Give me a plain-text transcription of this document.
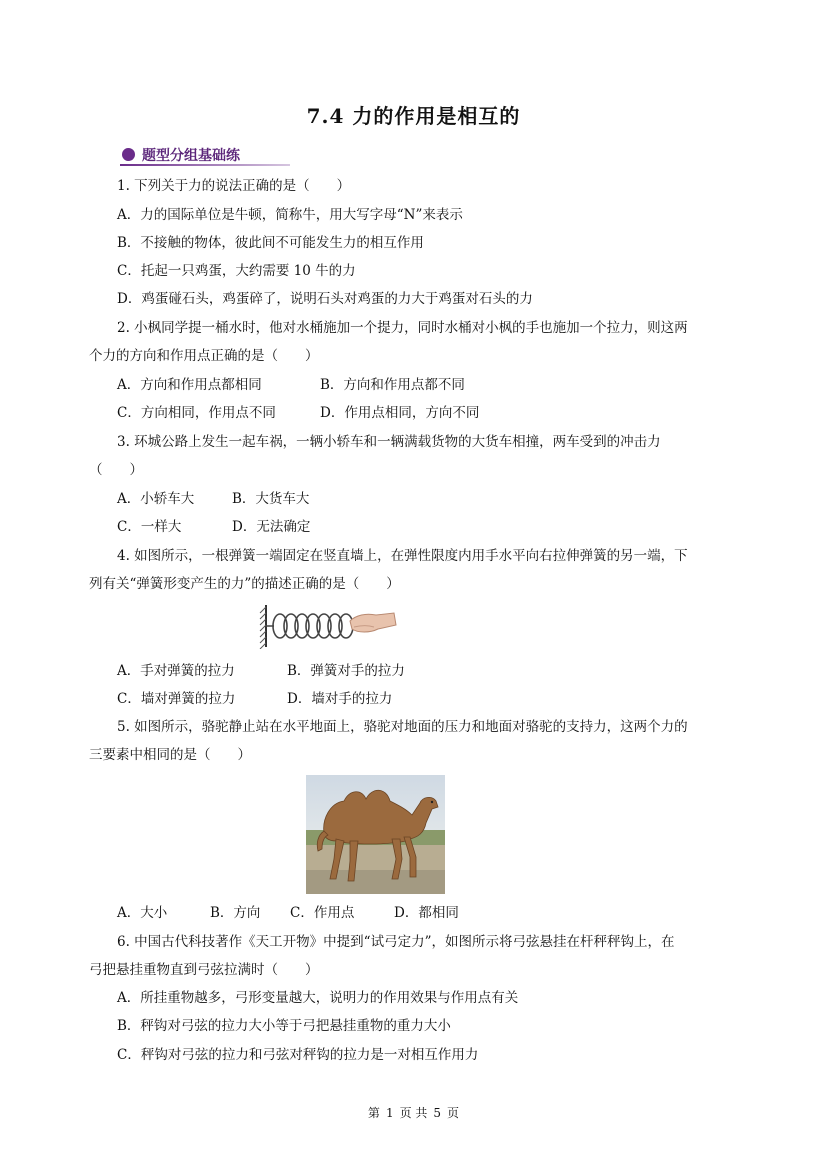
7.4 力的作用是相互的
题型分组基础练
1. 下列关于力的说法正确的是（　　）
A．力的国际单位是牛顿，简称牛，用大写字母“N”来表示
B．不接触的物体，彼此间不可能发生力的相互作用
C．托起一只鸡蛋，大约需要 10 牛的力
D．鸡蛋碰石头，鸡蛋碎了，说明石头对鸡蛋的力大于鸡蛋对石头的力
2. 小枫同学提一桶水时，他对水桶施加一个提力，同时水桶对小枫的手也施加一个拉力，则这两
个力的方向和作用点正确的是（　　）
A．方向和作用点都相同	B．方向和作用点都不同
C．方向相同，作用点不同	D．作用点相同，方向不同
3. 环城公路上发生一起车祸，一辆小轿车和一辆满载货物的大货车相撞，两车受到的冲击力
（　　）
A．小轿车大	B．大货车大
C．一样大	D．无法确定
4. 如图所示，一根弹簧一端固定在竖直墙上，在弹性限度内用手水平向右拉伸弹簧的另一端，下
列有关“弹簧形变产生的力”的描述正确的是（　　）
A．手对弹簧的拉力	B．弹簧对手的拉力
C．墙对弹簧的拉力	D．墙对手的拉力
5. 如图所示，骆驼静止站在水平地面上，骆驼对地面的压力和地面对骆驼的支持力，这两个力的
三要素中相同的是（　　）
A．大小	B．方向 C．作用点	D．都相同
6. 中国古代科技著作《天工开物》中提到“试弓定力”，如图所示将弓弦悬挂在杆秤秤钩上，在
弓把悬挂重物直到弓弦拉满时（　　）
A．所挂重物越多，弓形变量越大，说明力的作用效果与作用点有关
B．秤钩对弓弦的拉力大小等于弓把悬挂重物的重力大小
C．秤钩对弓弦的拉力和弓弦对秤钩的拉力是一对相互作用力
第 1 页 共 5 页
